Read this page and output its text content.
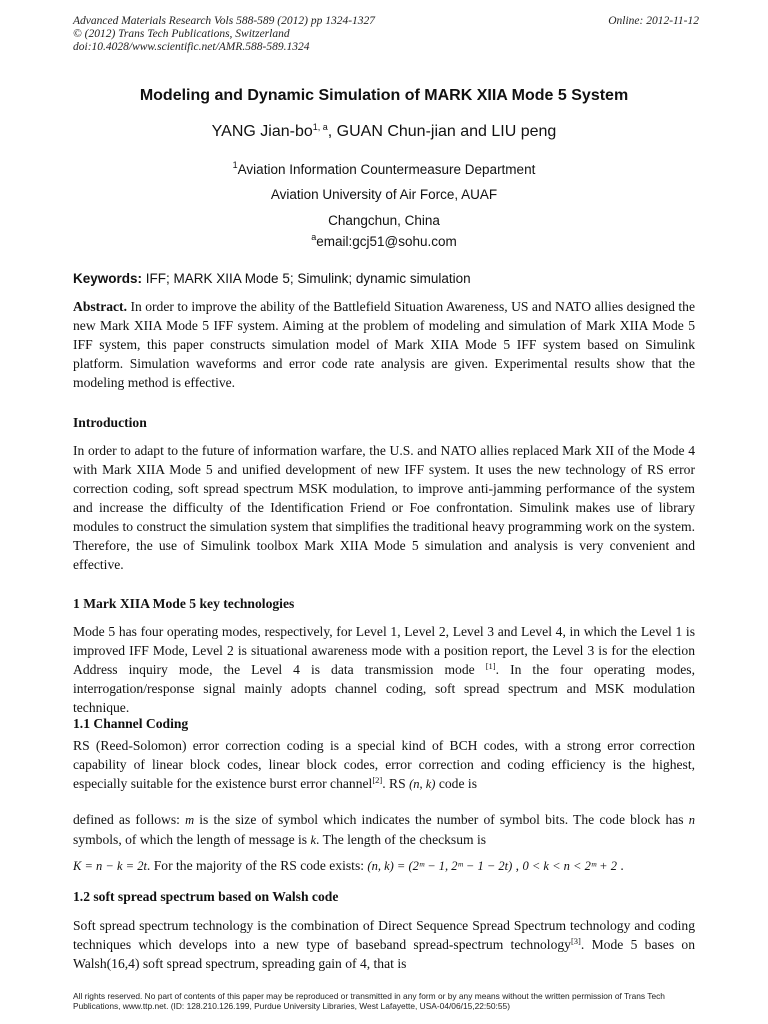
Advanced Materials Research Vols 588-589 (2012) pp 1324-1327
© (2012) Trans Tech Publications, Switzerland
doi:10.4028/www.scientific.net/AMR.588-589.1324
Online: 2012-11-12
Modeling and Dynamic Simulation of MARK XIIA Mode 5 System
YANG Jian-bo$^{1, a}$, GUAN Chun-jian and LIU peng
$^1$Aviation Information Countermeasure Department
Aviation University of Air Force, AUAF
Changchun, China
$^a$email:gcj51@sohu.com
Keywords: IFF; MARK XIIA Mode 5; Simulink; dynamic simulation
Abstract. In order to improve the ability of the Battlefield Situation Awareness, US and NATO allies designed the new Mark XIIA Mode 5 IFF system. Aiming at the problem of modeling and simulation of Mark XIIA Mode 5 IFF system, this paper constructs simulation model of Mark XIIA Mode 5 IFF system based on Simulink platform. Simulation waveforms and error code rate analysis are given. Experimental results show that the modeling method is effective.
Introduction
In order to adapt to the future of information warfare, the U.S. and NATO allies replaced Mark XII of the Mode 4 with Mark XIIA Mode 5 and unified development of new IFF system. It uses the new technology of RS error correction coding, soft spread spectrum MSK modulation, to improve anti-jamming performance of the system and increase the difficulty of the Identification Friend or Foe confrontation. Simulink makes use of library modules to construct the simulation system that simplifies the traditional heavy programming work on the system. Therefore, the use of Simulink toolbox Mark XIIA Mode 5 simulation and analysis is very convenient and effective.
1 Mark XIIA Mode 5 key technologies
Mode 5 has four operating modes, respectively, for Level 1, Level 2, Level 3 and Level 4, in which the Level 1 is improved IFF Mode, Level 2 is situational awareness mode with a position report, the Level 3 is for the election Address inquiry mode, the Level 4 is data transmission mode [1]. In the four operating modes, interrogation/response signal mainly adopts channel coding, soft spread spectrum and MSK modulation technique.
1.1 Channel Coding
RS (Reed-Solomon) error correction coding is a special kind of BCH codes, with a strong error correction capability of linear block codes, linear block codes, error correction and coding efficiency is the highest, especially suitable for the existence burst error channel[2]. RS (n, k) code is
defined as follows: m is the size of symbol which indicates the number of symbol bits. The code block has n symbols, of which the length of message is k. The length of the checksum is
K = n − k = 2t. For the majority of the RS code exists: (n, k) = (2ᵐ − 1, 2ᵐ − 1 − 2t) , 0 < k < n < 2ᵐ + 2 .
1.2 soft spread spectrum based on Walsh code
Soft spread spectrum technology is the combination of Direct Sequence Spread Spectrum technology and coding techniques which develops into a new type of baseband spread-spectrum technology[3]. Mode 5 bases on Walsh(16,4) soft spread spectrum, spreading gain of 4, that is
All rights reserved. No part of contents of this paper may be reproduced or transmitted in any form or by any means without the written permission of Trans Tech Publications, www.ttp.net. (ID: 128.210.126.199, Purdue University Libraries, West Lafayette, USA-04/06/15,22:50:55)
